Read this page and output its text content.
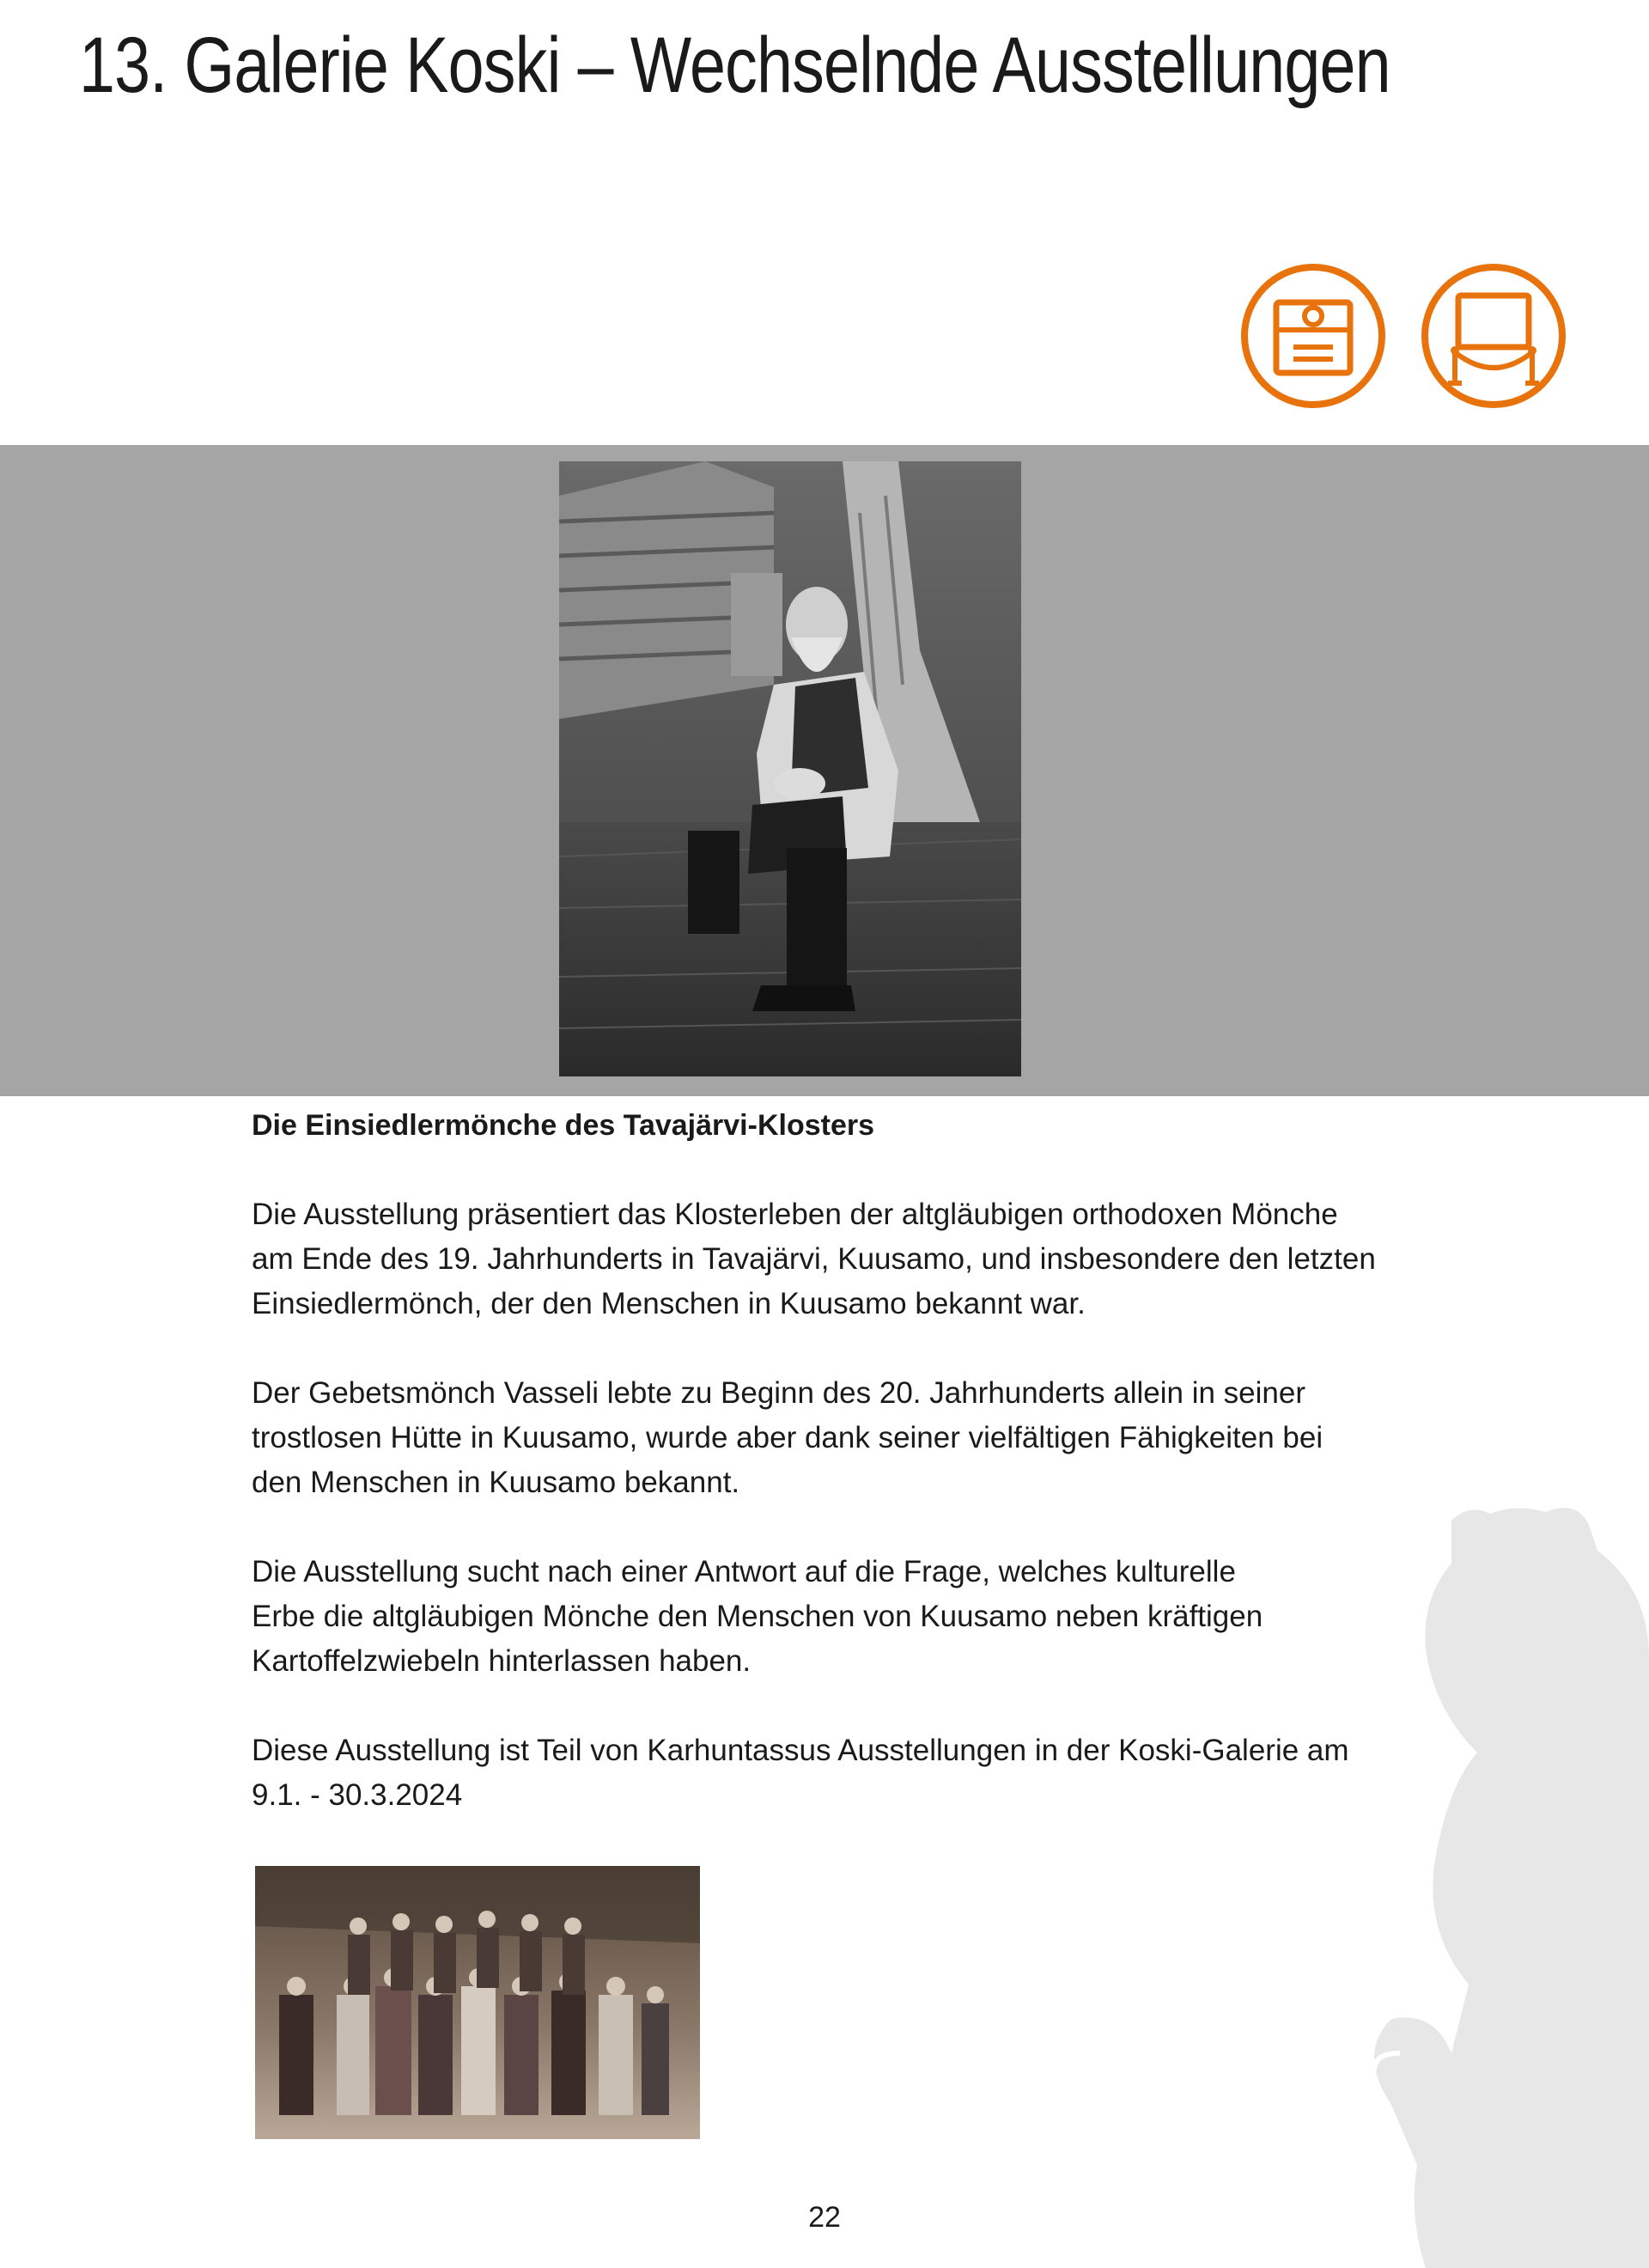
13. Galerie Koski – Wechselnde Ausstellungen

Die Einsiedlermönche des Tavajärvi-Klosters

Die Ausstellung präsentiert das Klosterleben der altgläubigen orthodoxen Mönche
am Ende des 19. Jahrhunderts in Tavajärvi, Kuusamo, und insbesondere den letzten
Einsiedlermönch, der den Menschen in Kuusamo bekannt war.

Der Gebetsmönch Vasseli lebte zu Beginn des 20. Jahrhunderts allein in seiner
trostlosen Hütte in Kuusamo, wurde aber dank seiner vielfältigen Fähigkeiten bei
den Menschen in Kuusamo bekannt.

Die Ausstellung sucht nach einer Antwort auf die Frage, welches kulturelle
Erbe die altgläubigen Mönche den Menschen von Kuusamo neben kräftigen
Kartoffelzwiebeln hinterlassen haben.

Diese Ausstellung ist Teil von Karhuntassus Ausstellungen in der Koski-Galerie am
9.1. - 30.3.2024

22
